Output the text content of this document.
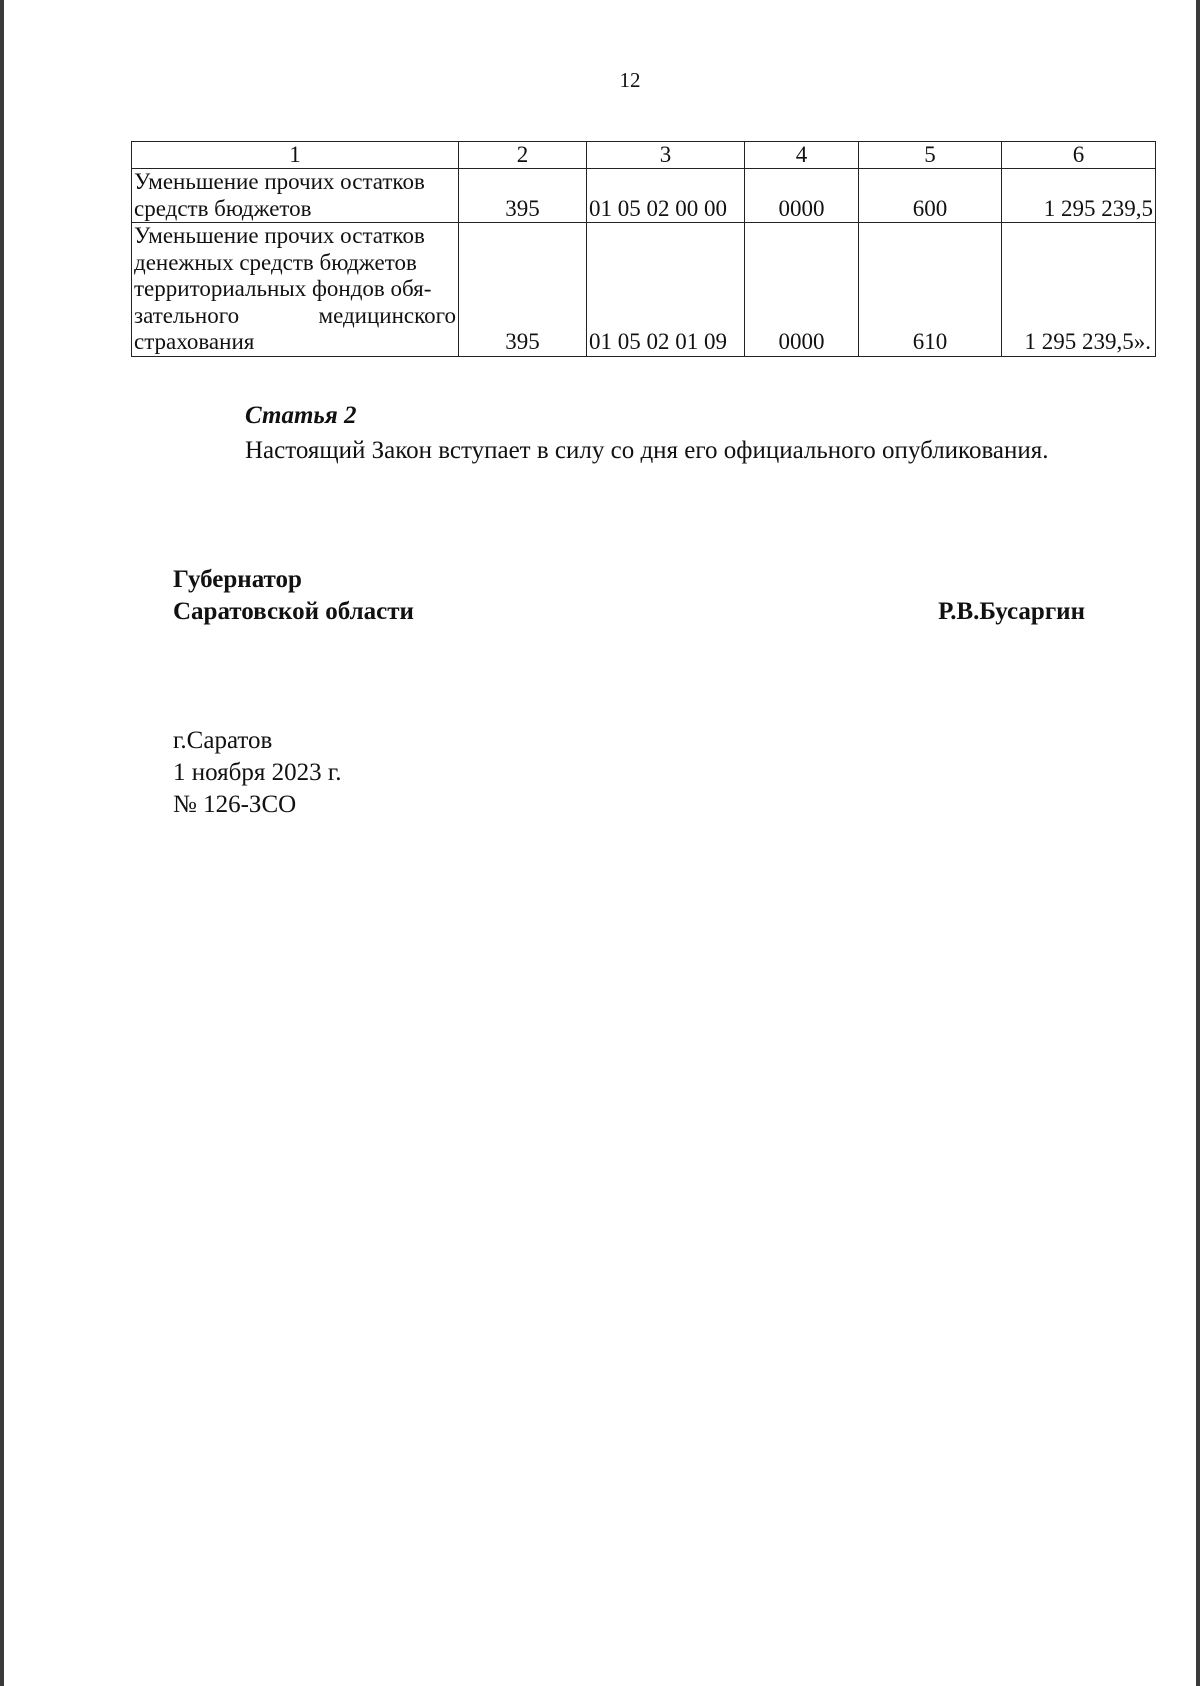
12
1	2	3	4	5	6

Уменьшение прочих остатков
средств бюджетов	395	01 05 02 00 00	0000	600	1 295 239,5

Уменьшение прочих остатков
денежных средств бюджетов
территориальных фондов обя-
зательного медицинского
страхования	395	01 05 02 01 09	0000	610	1 295 239,5».

Статья 2

Настоящий Закон вступает в силу со дня его официального опубликования.

Губернатор
Саратовской области	Р.В.Бусаргин
г.Саратов
1 ноября 2023 г.
№ 126-ЗСО
